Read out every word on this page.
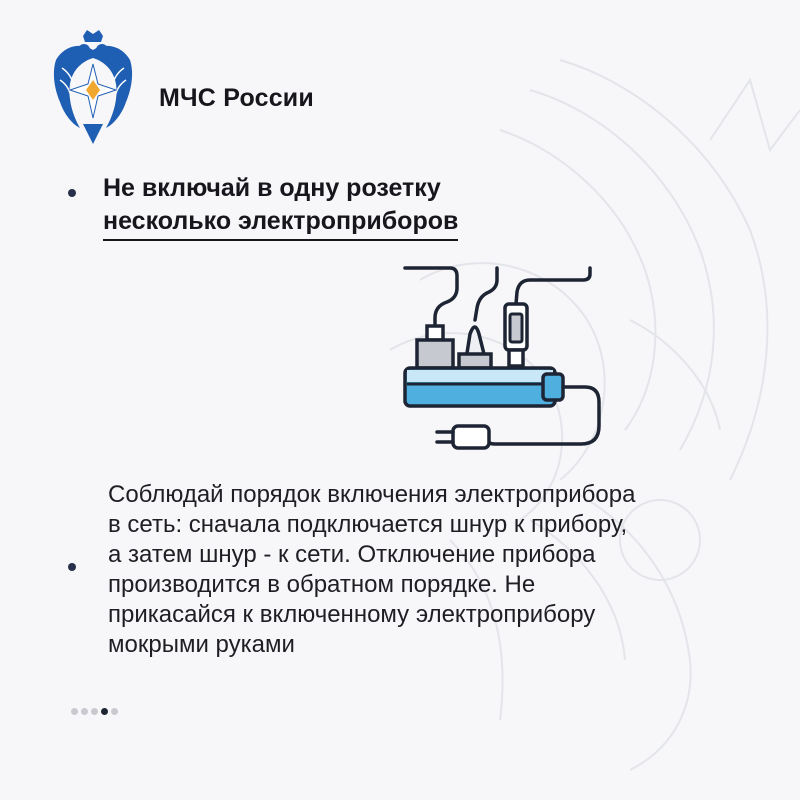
МЧС России
Не включай в одну розетку
несколько электроприборов
Соблюдай порядок включения электроприбора
в сеть: сначала подключается шнур к прибору,
а затем шнур - к сети. Отключение прибора
производится в обратном порядке. Не
прикасайся к включенному электроприбору
мокрыми руками
